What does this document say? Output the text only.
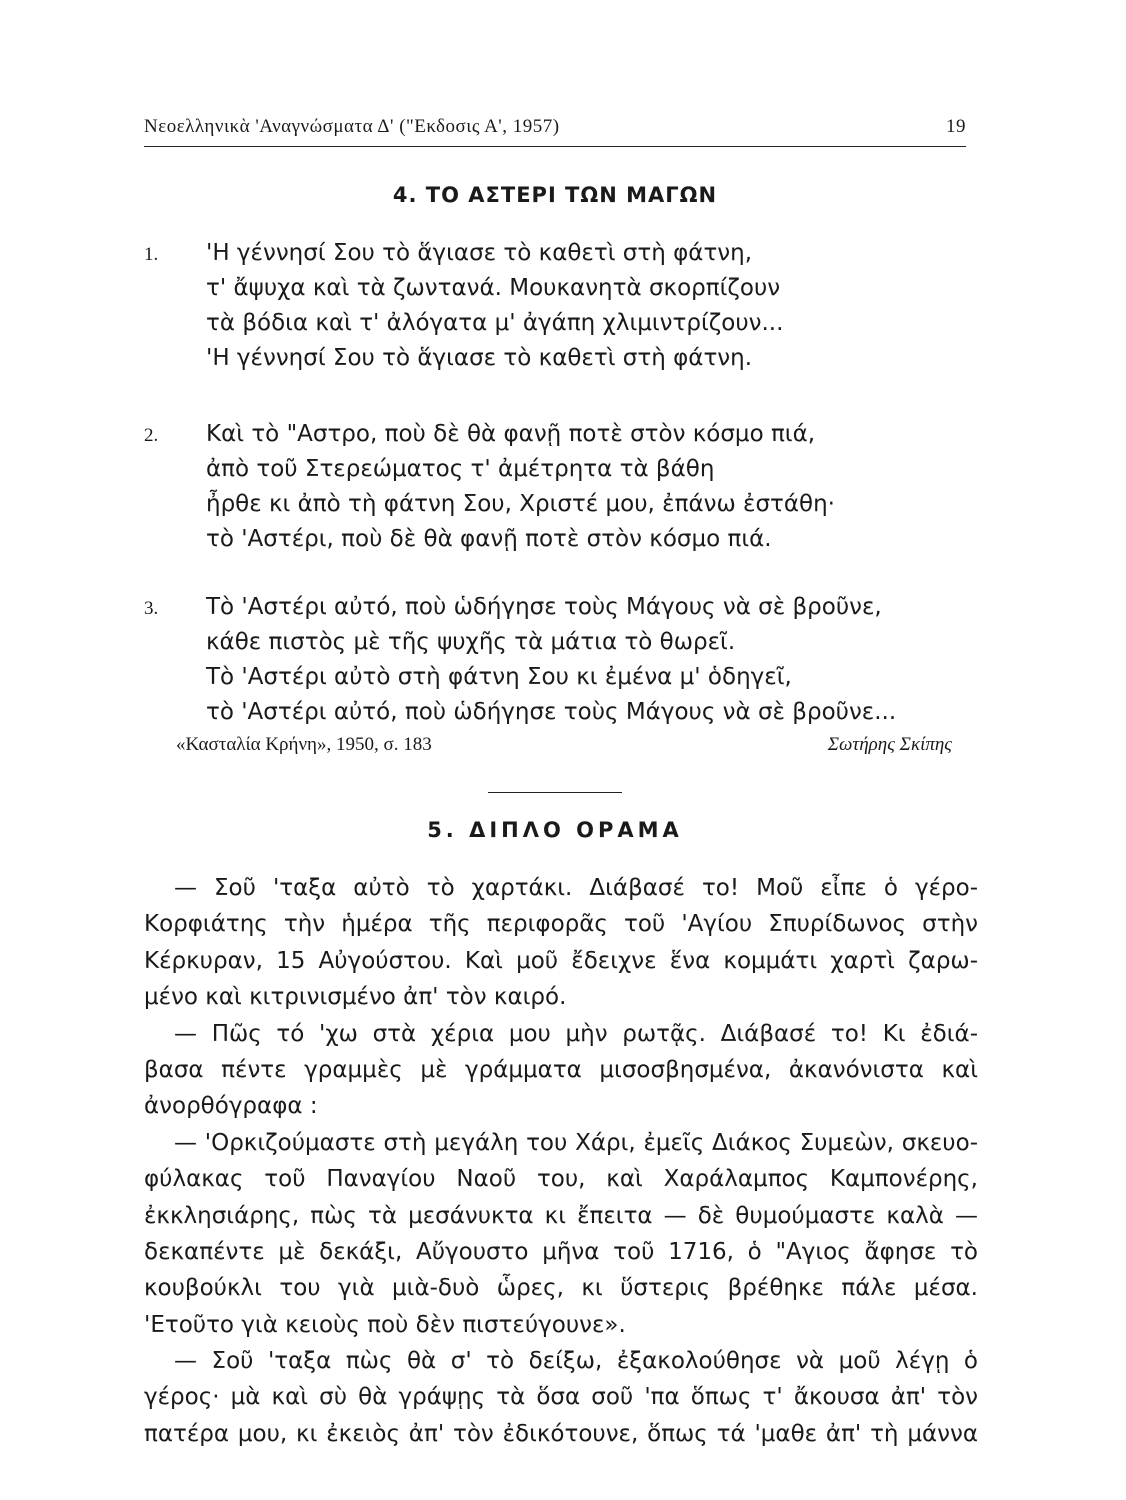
Νεοελληνικὰ 'Αναγνώσματα Δ' ("Εκδοσις Α', 1957)	19
4. ΤΟ ΑΣΤΕΡΙ ΤΩΝ ΜΑΓΩΝ
1. 'Η γέννησί Σου τὸ ἅγιασε τὸ καθετὶ στὴ φάτνη,
τ' ἄψυχα καὶ τὰ ζωντανά. Μουκανητὰ σκορπίζουν
τὰ βόδια καὶ τ' ἀλόγατα μ' ἀγάπη χλιμιντρίζουν...
'Η γέννησί Σου τὸ ἅγιασε τὸ καθετὶ στὴ φάτνη.
2. Καὶ τὸ "Αστρο, ποὺ δὲ θὰ φανῇ ποτὲ στὸν κόσμο πιά,
ἀπὸ τοῦ Στερεώματος τ' ἀμέτρητα τὰ βάθη
ἦρθε κι ἀπὸ τὴ φάτνη Σου, Χριστέ μου, ἐπάνω ἐστάθη·
τὸ 'Αστέρι, ποὺ δὲ θὰ φανῇ ποτὲ στὸν κόσμο πιά.
3. Τὸ 'Αστέρι αὐτό, ποὺ ὡδήγησε τοὺς Μάγους νὰ σὲ βροῦνε,
κάθε πιστὸς μὲ τῆς ψυχῆς τὰ μάτια τὸ θωρεῖ.
Τὸ 'Αστέρι αὐτὸ στὴ φάτνη Σου κι ἐμένα μ' ὁδηγεῖ,
τὸ 'Αστέρι αὐτό, ποὺ ὡδήγησε τοὺς Μάγους νὰ σὲ βροῦνε...
«Κασταλία Κρήνη», 1950, σ. 183	Σωτήρης Σκίπης
5. ΔΙΠΛΟ ΟΡΑΜΑ
— Σοῦ 'ταξα αὐτὸ τὸ χαρτάκι. Διάβασέ το! Μοῦ εἶπε ὁ γέρο-
Κορφιάτης τὴν ἡμέρα τῆς περιφορᾶς τοῦ 'Αγίου Σπυρίδωνος στὴν
Κέρκυραν, 15 Αὐγούστου. Καὶ μοῦ ἔδειχνε ἕνα κομμάτι χαρτὶ ζαρω-
μένο καὶ κιτρινισμένο ἀπ' τὸν καιρό.
— Πῶς τό 'χω στὰ χέρια μου μὴν ρωτᾷς. Διάβασέ το! Κι ἐδιά-
βασα πέντε γραμμὲς μὲ γράμματα μισοσβησμένα, ἀκανόνιστα καὶ
ἀνορθόγραφα :
— 'Ορκιζούμαστε στὴ μεγάλη του Χάρι, ἐμεῖς Διάκος Συμεὼν, σκευο-
φύλακας τοῦ Παναγίου Ναοῦ του, καὶ Χαράλαμπος Καμπονέρης,
ἐκκλησιάρης, πὼς τὰ μεσάνυκτα κι ἔπειτα — δὲ θυμούμαστε καλὰ —
δεκαπέντε μὲ δεκάξι, Αὔγουστο μῆνα τοῦ 1716, ὁ "Αγιος ἄφησε τὸ
κουβούκλι του γιὰ μιὰ-δυὸ ὧρες, κι ὕστερις βρέθηκε πάλε μέσα.
'Ετοῦτο γιὰ κειοὺς ποὺ δὲν πιστεύγουνε».
— Σοῦ 'ταξα πὼς θὰ σ' τὸ δείξω, ἐξακολούθησε νὰ μοῦ λέγῃ ὁ
γέρος· μὰ καὶ σὺ θὰ γράψῃς τὰ ὅσα σοῦ 'πα ὅπως τ' ἄκουσα ἀπ' τὸν
πατέρα μου, κι ἐκειὸς ἀπ' τὸν ἐδικότουνε, ὅπως τά 'μαθε ἀπ' τὴ μάννα
